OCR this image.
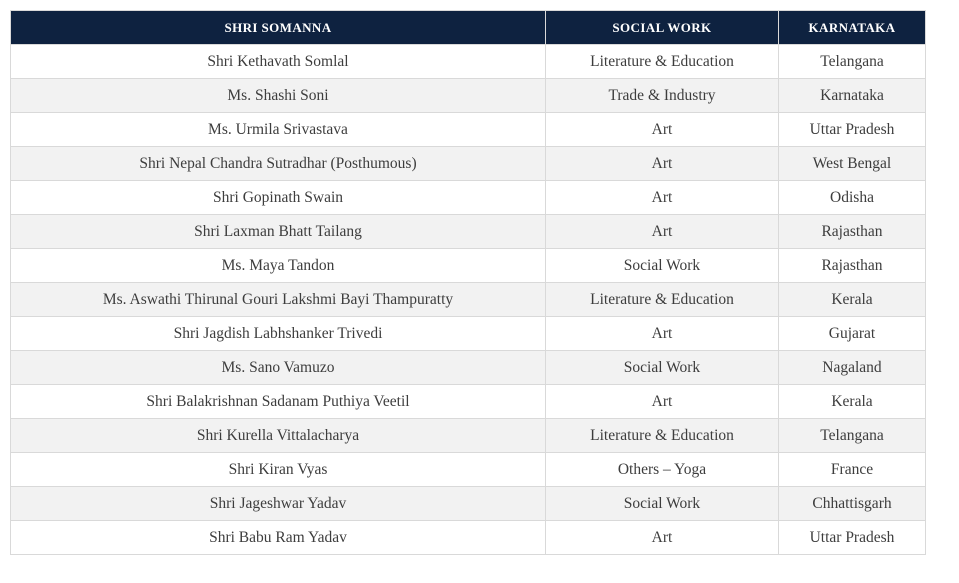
SHRI SOMANNA	SOCIAL WORK	KARNATAKA
Shri Kethavath Somlal	Literature & Education	Telangana
Ms. Shashi Soni	Trade & Industry	Karnataka
Ms. Urmila Srivastava	Art	Uttar Pradesh
Shri Nepal Chandra Sutradhar (Posthumous)	Art	West Bengal
Shri Gopinath Swain	Art	Odisha
Shri Laxman Bhatt Tailang	Art	Rajasthan
Ms. Maya Tandon	Social Work	Rajasthan
Ms. Aswathi Thirunal Gouri Lakshmi Bayi Thampuratty	Literature & Education	Kerala
Shri Jagdish Labhshanker Trivedi	Art	Gujarat
Ms. Sano Vamuzo	Social Work	Nagaland
Shri Balakrishnan Sadanam Puthiya Veetil	Art	Kerala
Shri Kurella Vittalacharya	Literature & Education	Telangana
Shri Kiran Vyas	Others – Yoga	France
Shri Jageshwar Yadav	Social Work	Chhattisgarh
Shri Babu Ram Yadav	Art	Uttar Pradesh
